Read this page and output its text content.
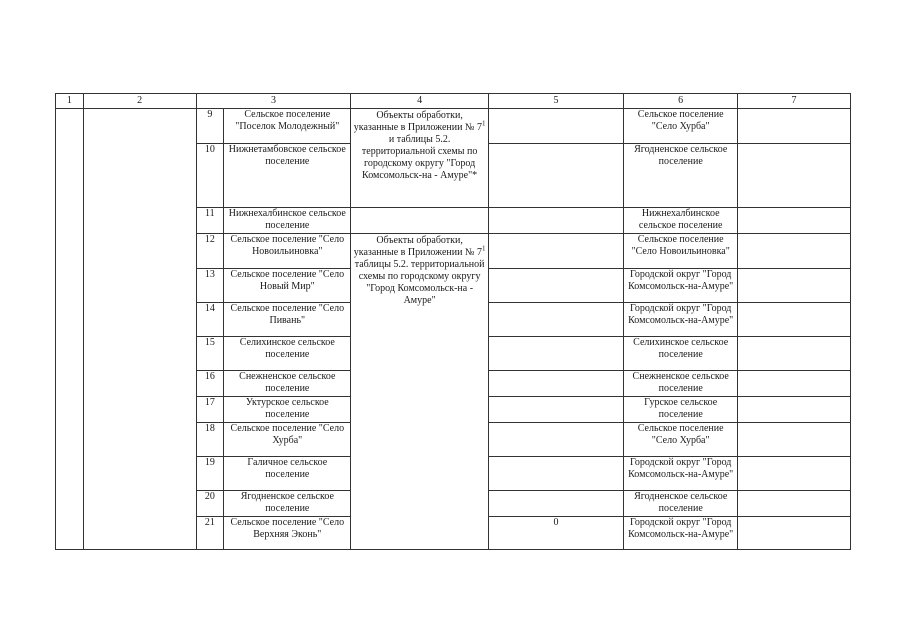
1	2	3		4	5	6	7
		9	Сельское поселение "Поселок Молодежный"	Объекты обработки, указанные в Приложении № $7^1$ и таблицы 5.2. территориальной схемы по городскому округу "Город Комсомольск-на - Амуре"*		Сельское поселение "Село Хурба"	
		10	Нижнетамбовское сельское поселение			Ягодненское сельское поселение	
		11	Нижнехалбинское сельское поселение			Нижнехалбинское сельское поселение	
		12	Сельское поселение "Село Новоильиновка"	Объекты обработки, указанные в Приложении № $7^1$ таблицы 5.2. территориальной схемы по городскому округу "Город Комсомольск-на - Амуре"		Сельское поселение "Село Новоильиновка"	
		13	Сельское поселение "Село Новый Мир"			Городской округ "Город Комсомольск-на-Амуре"	
		14	Сельское поселение "Село Пивань"			Городской округ "Город Комсомольск-на-Амуре"	
		15	Селихинское сельское поселение			Селихинское сельское поселение	
		16	Снежненское сельское поселение			Снежненское сельское поселение	
		17	Уктурское сельское поселение			Гурское сельское поселение	
		18	Сельское поселение "Село Хурба"			Сельское поселение "Село Хурба"	
		19	Галичное сельское поселение			Городской округ "Город Комсомольск-на-Амуре"	
		20	Ягодненское сельское поселение			Ягодненское сельское поселение	
		21	Сельское поселение "Село Верхняя Эконь"		0	Городской округ "Город Комсомольск-на-Амуре"	
